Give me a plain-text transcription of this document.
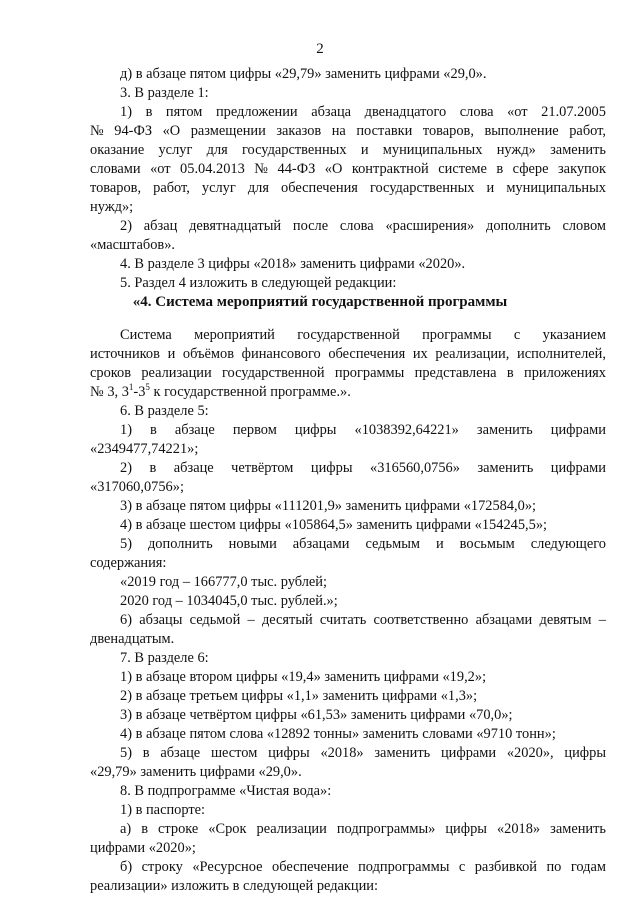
2
д) в абзаце пятом цифры «29,79» заменить цифрами «29,0».
3. В разделе 1:
1) в пятом предложении абзаца двенадцатого слова «от 21.07.2005
№ 94-ФЗ «О размещении заказов на поставки товаров, выполнение работ,
оказание услуг для государственных и муниципальных нужд» заменить
словами «от 05.04.2013 № 44-ФЗ «О контрактной системе в сфере закупок
товаров, работ, услуг для обеспечения государственных и муниципальных
нужд»;
2) абзац девятнадцатый после слова «расширения» дополнить словом
«масштабов».
4. В разделе 3 цифры «2018» заменить цифрами «2020».
5. Раздел 4 изложить в следующей редакции:
«4. Система мероприятий государственной программы
Система мероприятий государственной программы с указанием
источников и объёмов финансового обеспечения их реализации, исполнителей,
сроков реализации государственной программы представлена в приложениях
№ 3, $3^1-3^5$ к государственной программе.».
6. В разделе 5:
1) в абзаце первом цифры «1038392,64221» заменить цифрами
«2349477,74221»;
2) в абзаце четвёртом цифры «316560,0756» заменить цифрами
«317060,0756»;
3) в абзаце пятом цифры «111201,9» заменить цифрами «172584,0»;
4) в абзаце шестом цифры «105864,5» заменить цифрами «154245,5»;
5) дополнить новыми абзацами седьмым и восьмым следующего
содержания:
«2019 год – 166777,0 тыс. рублей;
2020 год – 1034045,0 тыс. рублей.»;
6) абзацы седьмой – десятый считать соответственно абзацами девятым –
двенадцатым.
7. В разделе 6:
1) в абзаце втором цифры «19,4» заменить цифрами «19,2»;
2) в абзаце третьем цифры «1,1» заменить цифрами «1,3»;
3) в абзаце четвёртом цифры «61,53» заменить цифрами «70,0»;
4) в абзаце пятом слова «12892 тонны» заменить словами «9710 тонн»;
5) в абзаце шестом цифры «2018» заменить цифрами «2020», цифры
«29,79» заменить цифрами «29,0».
8. В подпрограмме «Чистая вода»:
1) в паспорте:
а) в строке «Срок реализации подпрограммы» цифры «2018» заменить
цифрами «2020»;
б) строку «Ресурсное обеспечение подпрограммы с разбивкой по годам
реализации» изложить в следующей редакции:
